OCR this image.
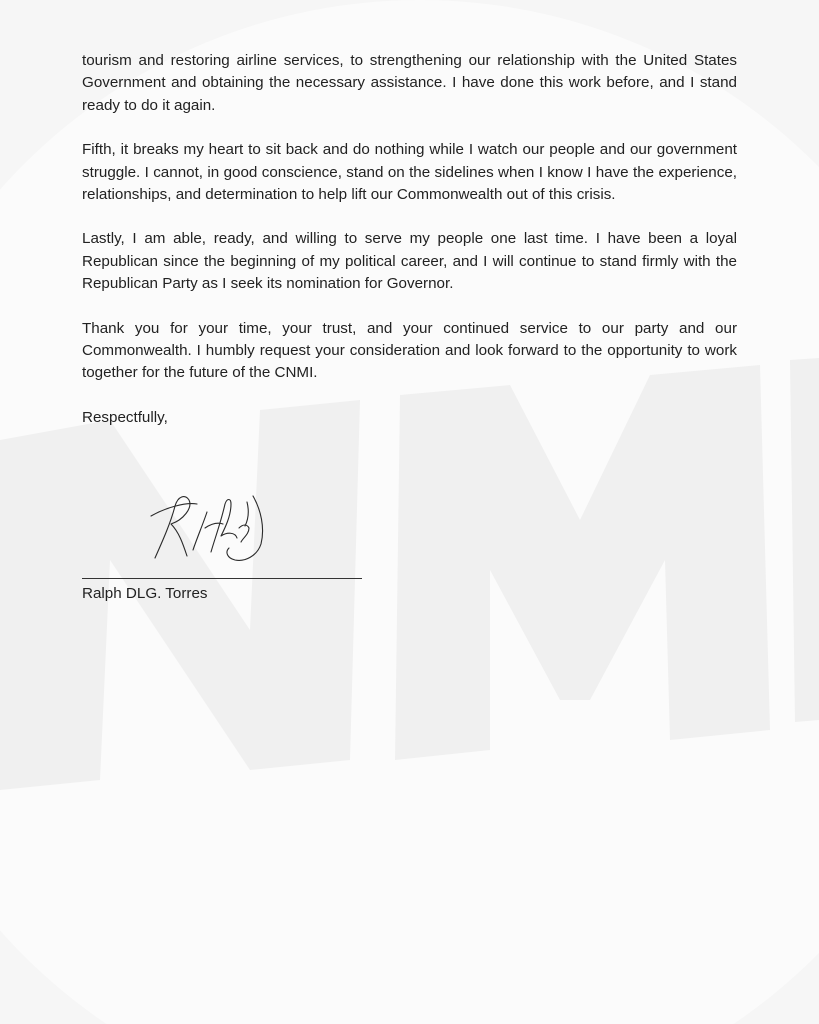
tourism and restoring airline services, to strengthening our relationship with the United States Government and obtaining the necessary assistance. I have done this work before, and I stand ready to do it again.

Fifth, it breaks my heart to sit back and do nothing while I watch our people and our government struggle. I cannot, in good conscience, stand on the sidelines when I know I have the experience, relationships, and determination to help lift our Commonwealth out of this crisis.

Lastly, I am able, ready, and willing to serve my people one last time. I have been a loyal Republican since the beginning of my political career, and I will continue to stand firmly with the Republican Party as I seek its nomination for Governor.

Thank you for your time, your trust, and your continued service to our party and our Commonwealth. I humbly request your consideration and look forward to the opportunity to work together for the future of the CNMI.

Respectfully,

Ralph DLG. Torres
